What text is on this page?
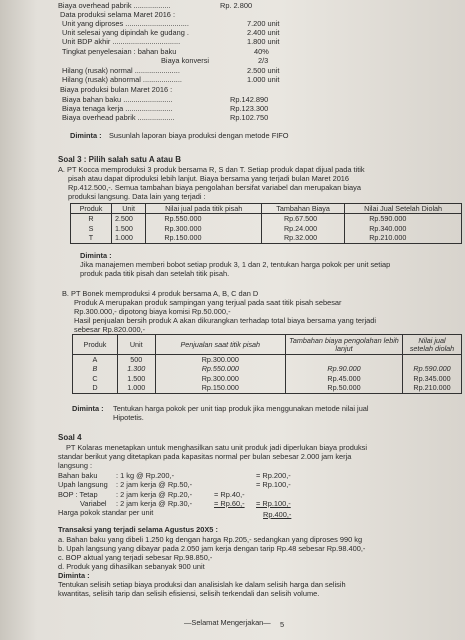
Biaya overhead pabrik ..................	Rp. 2.800
Data produksi selama Maret 2016 :
Unit yang diproses ...............................	7.200 unit
Unit selesai yang dipindah ke gudang .	2.400 unit
Unit BDP akhir .................................	1.800 unit
Tingkat penyelesaian : bahan baku	40%
Biaya konversi	2/3
Hilang (rusak) normal ......................	2.500 unit
Hilang (rusak) abnormal ...................	1.000 unit
Biaya produksi bulan Maret 2016 :
Biaya bahan baku ........................	Rp.142.890
Biaya tenaga kerja .......................	Rp.123.300
Biaya overhead pabrik ..................	Rp.102.750
Diminta : Susunlah laporan biaya produksi dengan metode FIFO
Soal 3 : Pilih salah satu A atau B
A. PT Kocca memproduksi 3 produk bersama R, S dan T. Setiap produk dapat dijual pada titik
pisah atau dapat diproduksi lebih lanjut. Biaya bersama yang terjadi bulan Maret 2016
Rp.412.500,-. Semua tambahan biaya pengolahan bersifat variabel dan merupakan biaya
produksi langsung. Data lain yang terjadi :
Produk	Unit	Nilai jual pada titik pisah	Tambahan Biaya	Nilai Jual Setelah Diolah
R	2.500	Rp.550.000	Rp.67.500	Rp.590.000
S	1.500	Rp.300.000	Rp.24.000	Rp.340.000
T	1.000	Rp.150.000	Rp.32.000	Rp.210.000
Diminta :
Jika manajemen memberi bobot setiap produk 3, 1 dan 2, tentukan harga pokok per unit setiap
produk pada titik pisah dan setelah titik pisah.
B. PT Bonek memproduksi 4 produk bersama A, B, C dan D
Produk A merupakan produk sampingan yang terjual pada saat titik pisah sebesar
Rp.300.000,- dipotong biaya komisi Rp.50.000,-
Hasil penjualan bersih produk A akan dikurangkan terhadap total biaya bersama yang terjadi
sebesar Rp.820.000,-
Produk	Unit	Penjualan saat titik pisah	Tambahan biaya pengolahan lebih lanjut	Nilai jual setelah diolah
A	500	Rp.300.000		
B	1.300	Rp.550.000	Rp.90.000	Rp.590.000
C	1.500	Rp.300.000	Rp.45.000	Rp.345.000
D	1.000	Rp.150.000	Rp.50.000	Rp.210.000
Diminta : Tentukan harga pokok per unit tiap produk jika menggunakan metode nilai jual
Hipotetis.
Soal 4
PT Kolaras menetapkan untuk menghasilkan satu unit produk jadi diperlukan biaya produksi
standar berikut yang ditetapkan pada kapasitas normal per bulan sebesar 2.000 jam kerja
langsung :
Bahan baku	: 1 kg @ Rp.200,-	= Rp.200,-
Upah langsung : 2 jam kerja @ Rp.50,-	= Rp.100,-
BOP : Tetap : 2 jam kerja @ Rp.20,-	= Rp.40,-
Variabel : 2 jam kerja @ Rp.30,-	= Rp.60,- = Rp.100,-
Harga pokok standar per unit	Rp.400,-
Transaksi yang terjadi selama Agustus 20X5 :
a. Bahan baku yang dibeli 1.250 kg dengan harga Rp.205,- sedangkan yang diproses 990 kg
b. Upah langsung yang dibayar pada 2.050 jam kerja dengan tarip Rp.48 sebesar Rp.98.400,-
c. BOP aktual yang terjadi sebesar Rp.98.850,-
d. Produk yang dihasilkan sebanyak 900 unit
Diminta :
Tentukan selisih setiap biaya produksi dan analisislah ke dalam selisih harga dan selisih
kwantitas, selisih tarip dan selisih efisiensi, selisih terkendali dan selisih volume.
—Selamat Mengerjakan— 5
